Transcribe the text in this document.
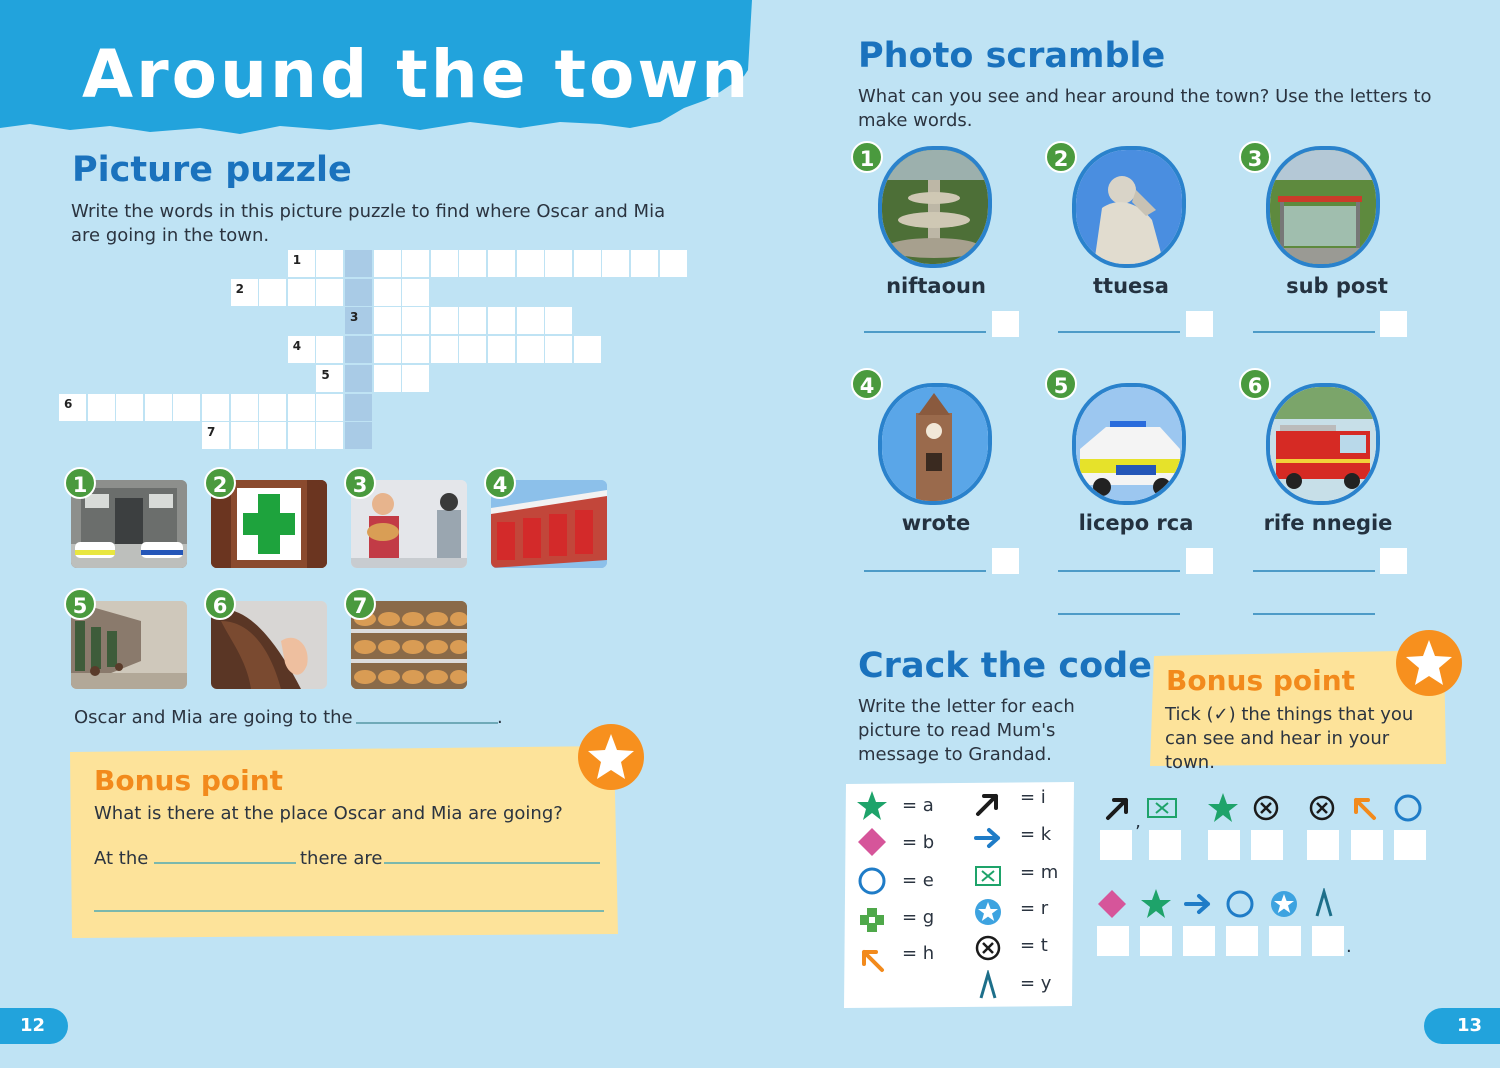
Around the town
Picture puzzle
Write the words in this picture puzzle to find where Oscar and Mia are going in the town.
1
2
3
4
5
6
7
1	2	3	4
5	6	7
Oscar and Mia are going to the	.
Bonus point
What is there at the place Oscar and Mia are going?
At the	there are
12
Photo scramble
What can you see and hear around the town? Use the letters to make words.
1	2	3
4	5	6
niftaoun	ttuesa	sub post
wrote	licepo rca	rife nnegie
Crack the code
Write the letter for each picture to read Mum's message to Grandad.
Bonus point
Tick (✓) the things that you can see and hear in your town.
= a
= b
= e
= g
= h
= i
= k
= m
= r
= t
= y
’
.
13
